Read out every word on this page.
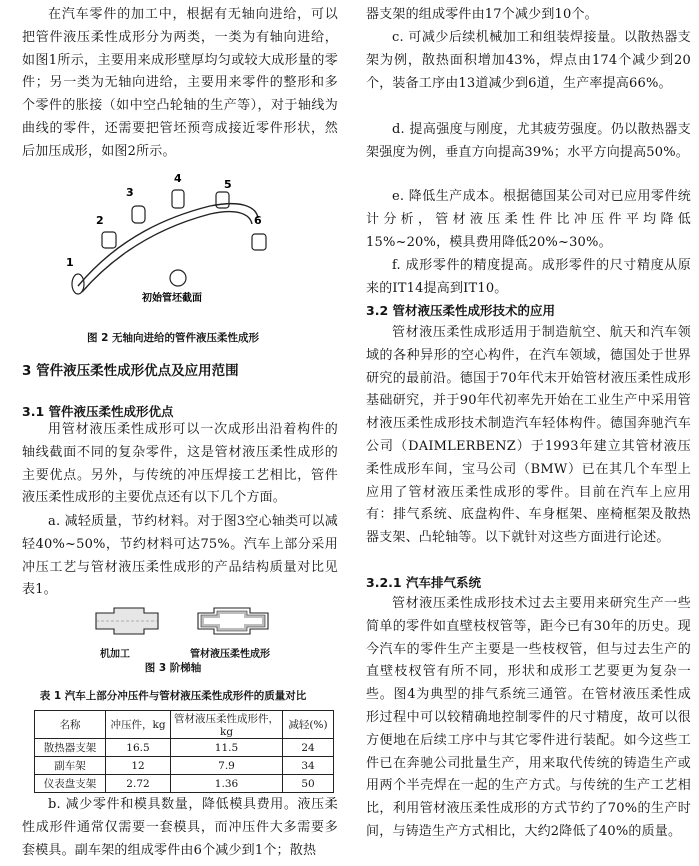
在汽车零件的加工中，根据有无轴向进给，可以把管件液压柔性成形分为两类，一类为有轴向进给，如图1所示，主要用来成形壁厚均匀或较大成形量的零件；另一类为无轴向进给，主要用来零件的整形和多个零件的胀接（如中空凸轮轴的生产等），对于轴线为曲线的零件，还需要把管坯预弯成接近零件形状，然后加压成形，如图2所示。

1
2
3
4	5
6
初始管坯截面

图 2 无轴向进给的管件液压柔性成形

3 管件液压柔性成形优点及应用范围

3.1 管件液压柔性成形优点

用管材液压柔性成形可以一次成形出沿着构件的轴线截面不同的复杂零件，这是管材液压柔性成形的主要优点。另外，与传统的冲压焊接工艺相比，管件液压柔性成形的主要优点还有以下几个方面。

a. 减轻质量，节约材料。对于图3空心轴类可以减轻40%~50%，节约材料可达75%。汽车上部分采用冲压工艺与管材液压柔性成形的产品结构质量对比见表1。

机加工	管材液压柔性成形

图 3 阶梯轴

表 1 汽车上部分冲压件与管材液压柔性成形件的质量对比

名称	冲压件，kg	管材液压柔性成形件，kg	减轻(%)
散热器支架	16.5	11.5	24
副车架	12	7.9	34
仪表盘支架	2.72	1.36	50

b. 减少零件和模具数量，降低模具费用。液压柔性成形件通常仅需要一套模具，而冲压件大多需要多套模具。副车架的组成零件由6个减少到1个；散热

器支架的组成零件由17个减少到10个。

c. 可减少后续机械加工和组装焊接量。以散热器支架为例，散热面积增加43%，焊点由174个减少到20个，装备工序由13道减少到6道，生产率提高66%。

d. 提高强度与刚度，尤其疲劳强度。仍以散热器支架强度为例，垂直方向提高39%；水平方向提高50%。

e. 降低生产成本。根据德国某公司对已应用零件统计分析，管材液压柔性件比冲压件平均降低15%~20%，模具费用降低20%~30%。

f. 成形零件的精度提高。成形零件的尺寸精度从原来的IT14提高到IT10。

3.2 管材液压柔性成形技术的应用

管材液压柔性成形适用于制造航空、航天和汽车领域的各种异形的空心构件，在汽车领域，德国处于世界研究的最前沿。德国于70年代末开始管材液压柔性成形基础研究，并于90年代初率先开始在工业生产中采用管材液压柔性成形技术制造汽车轻体构件。德国奔驰汽车公司（DAIMLERBENZ）于1993年建立其管材液压柔性成形车间，宝马公司（BMW）已在其几个车型上应用了管材液压柔性成形的零件。目前在汽车上应用有：排气系统、底盘构件、车身框架、座椅框架及散热器支架、凸轮轴等。以下就针对这些方面进行论述。

3.2.1 汽车排气系统

管材液压柔性成形技术过去主要用来研究生产一些简单的零件如直壁枝杈管等，距今已有30年的历史。现今汽车的零件生产主要是一些枝杈管，但与过去生产的直壁枝杈管有所不同，形状和成形工艺要更为复杂一些。图4为典型的排气系统三通管。在管材液压柔性成形过程中可以较精确地控制零件的尺寸精度，故可以很方便地在后续工序中与其它零件进行装配。如今这些工件已在奔驰公司批量生产，用来取代传统的铸造生产或用两个半壳焊在一起的生产方式。与传统的生产工艺相比，利用管材液压柔性成形的方式节约了70%的生产时间，与铸造生产方式相比，大约2降低了40%的质量。
